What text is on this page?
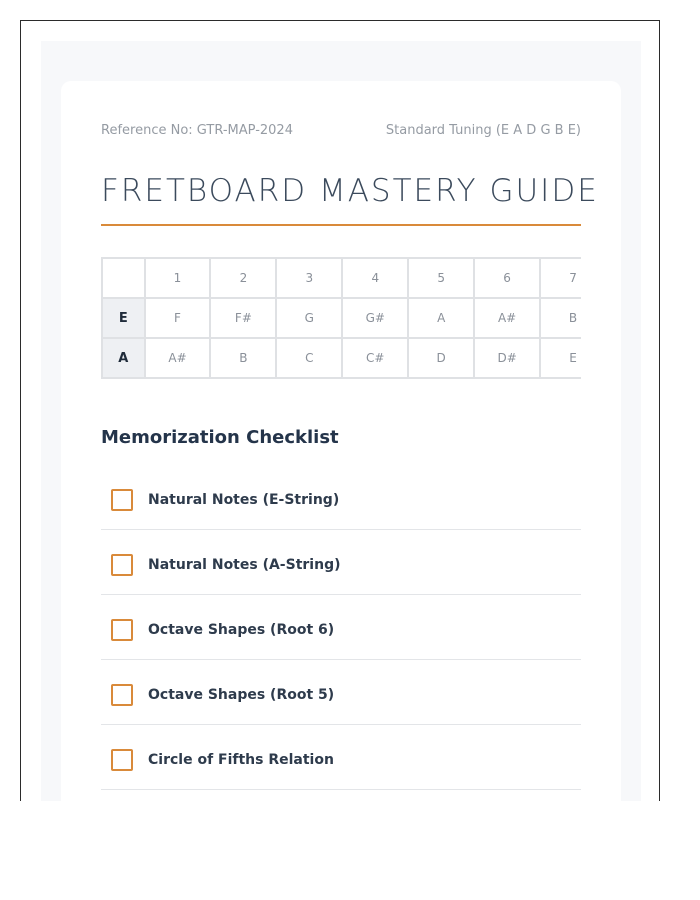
Reference No: GTR-MAP-2024	Standard Tuning (E A D G B E)
FRETBOARD MASTERY GUIDE
	1	2	3	4	5	6	7
E	F	F#	G	G#	A	A#	B
A	A#	B	C	C#	D	D#	E
Memorization Checklist
Natural Notes (E-String)
Natural Notes (A-String)
Octave Shapes (Root 6)
Octave Shapes (Root 5)
Circle of Fifths Relation
